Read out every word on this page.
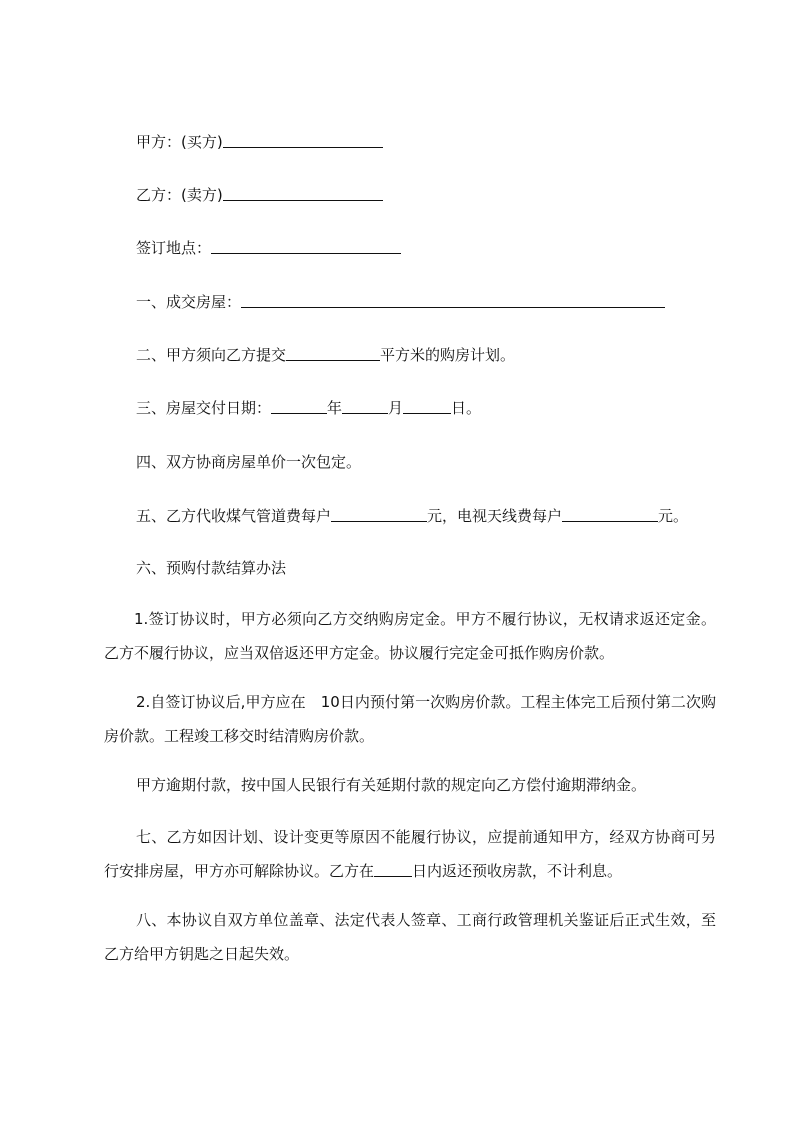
甲方：(买方)
乙方：(卖方)
签订地点：
一、成交房屋：
二、甲方须向乙方提交	平方米的购房计划。
三、房屋交付日期：	年	月	日。
四、双方协商房屋单价一次包定。
五、乙方代收煤气管道费每户	元，电视天线费每户	元。
六、预购付款结算办法
1.签订协议时，甲方必须向乙方交纳购房定金。甲方不履行协议，无权请求返还定金。乙方不履行协议，应当双倍返还甲方定金。协议履行完定金可抵作购房价款。
2.自签订协议后,甲方应在　10日内预付第一次购房价款。工程主体完工后预付第二次购房价款。工程竣工移交时结清购房价款。
甲方逾期付款，按中国人民银行有关延期付款的规定向乙方偿付逾期滞纳金。
七、乙方如因计划、设计变更等原因不能履行协议，应提前通知甲方，经双方协商可另行安排房屋，甲方亦可解除协议。乙方在	日内返还预收房款，不计利息。
八、本协议自双方单位盖章、法定代表人签章、工商行政管理机关鉴证后正式生效，至乙方给甲方钥匙之日起失效。
